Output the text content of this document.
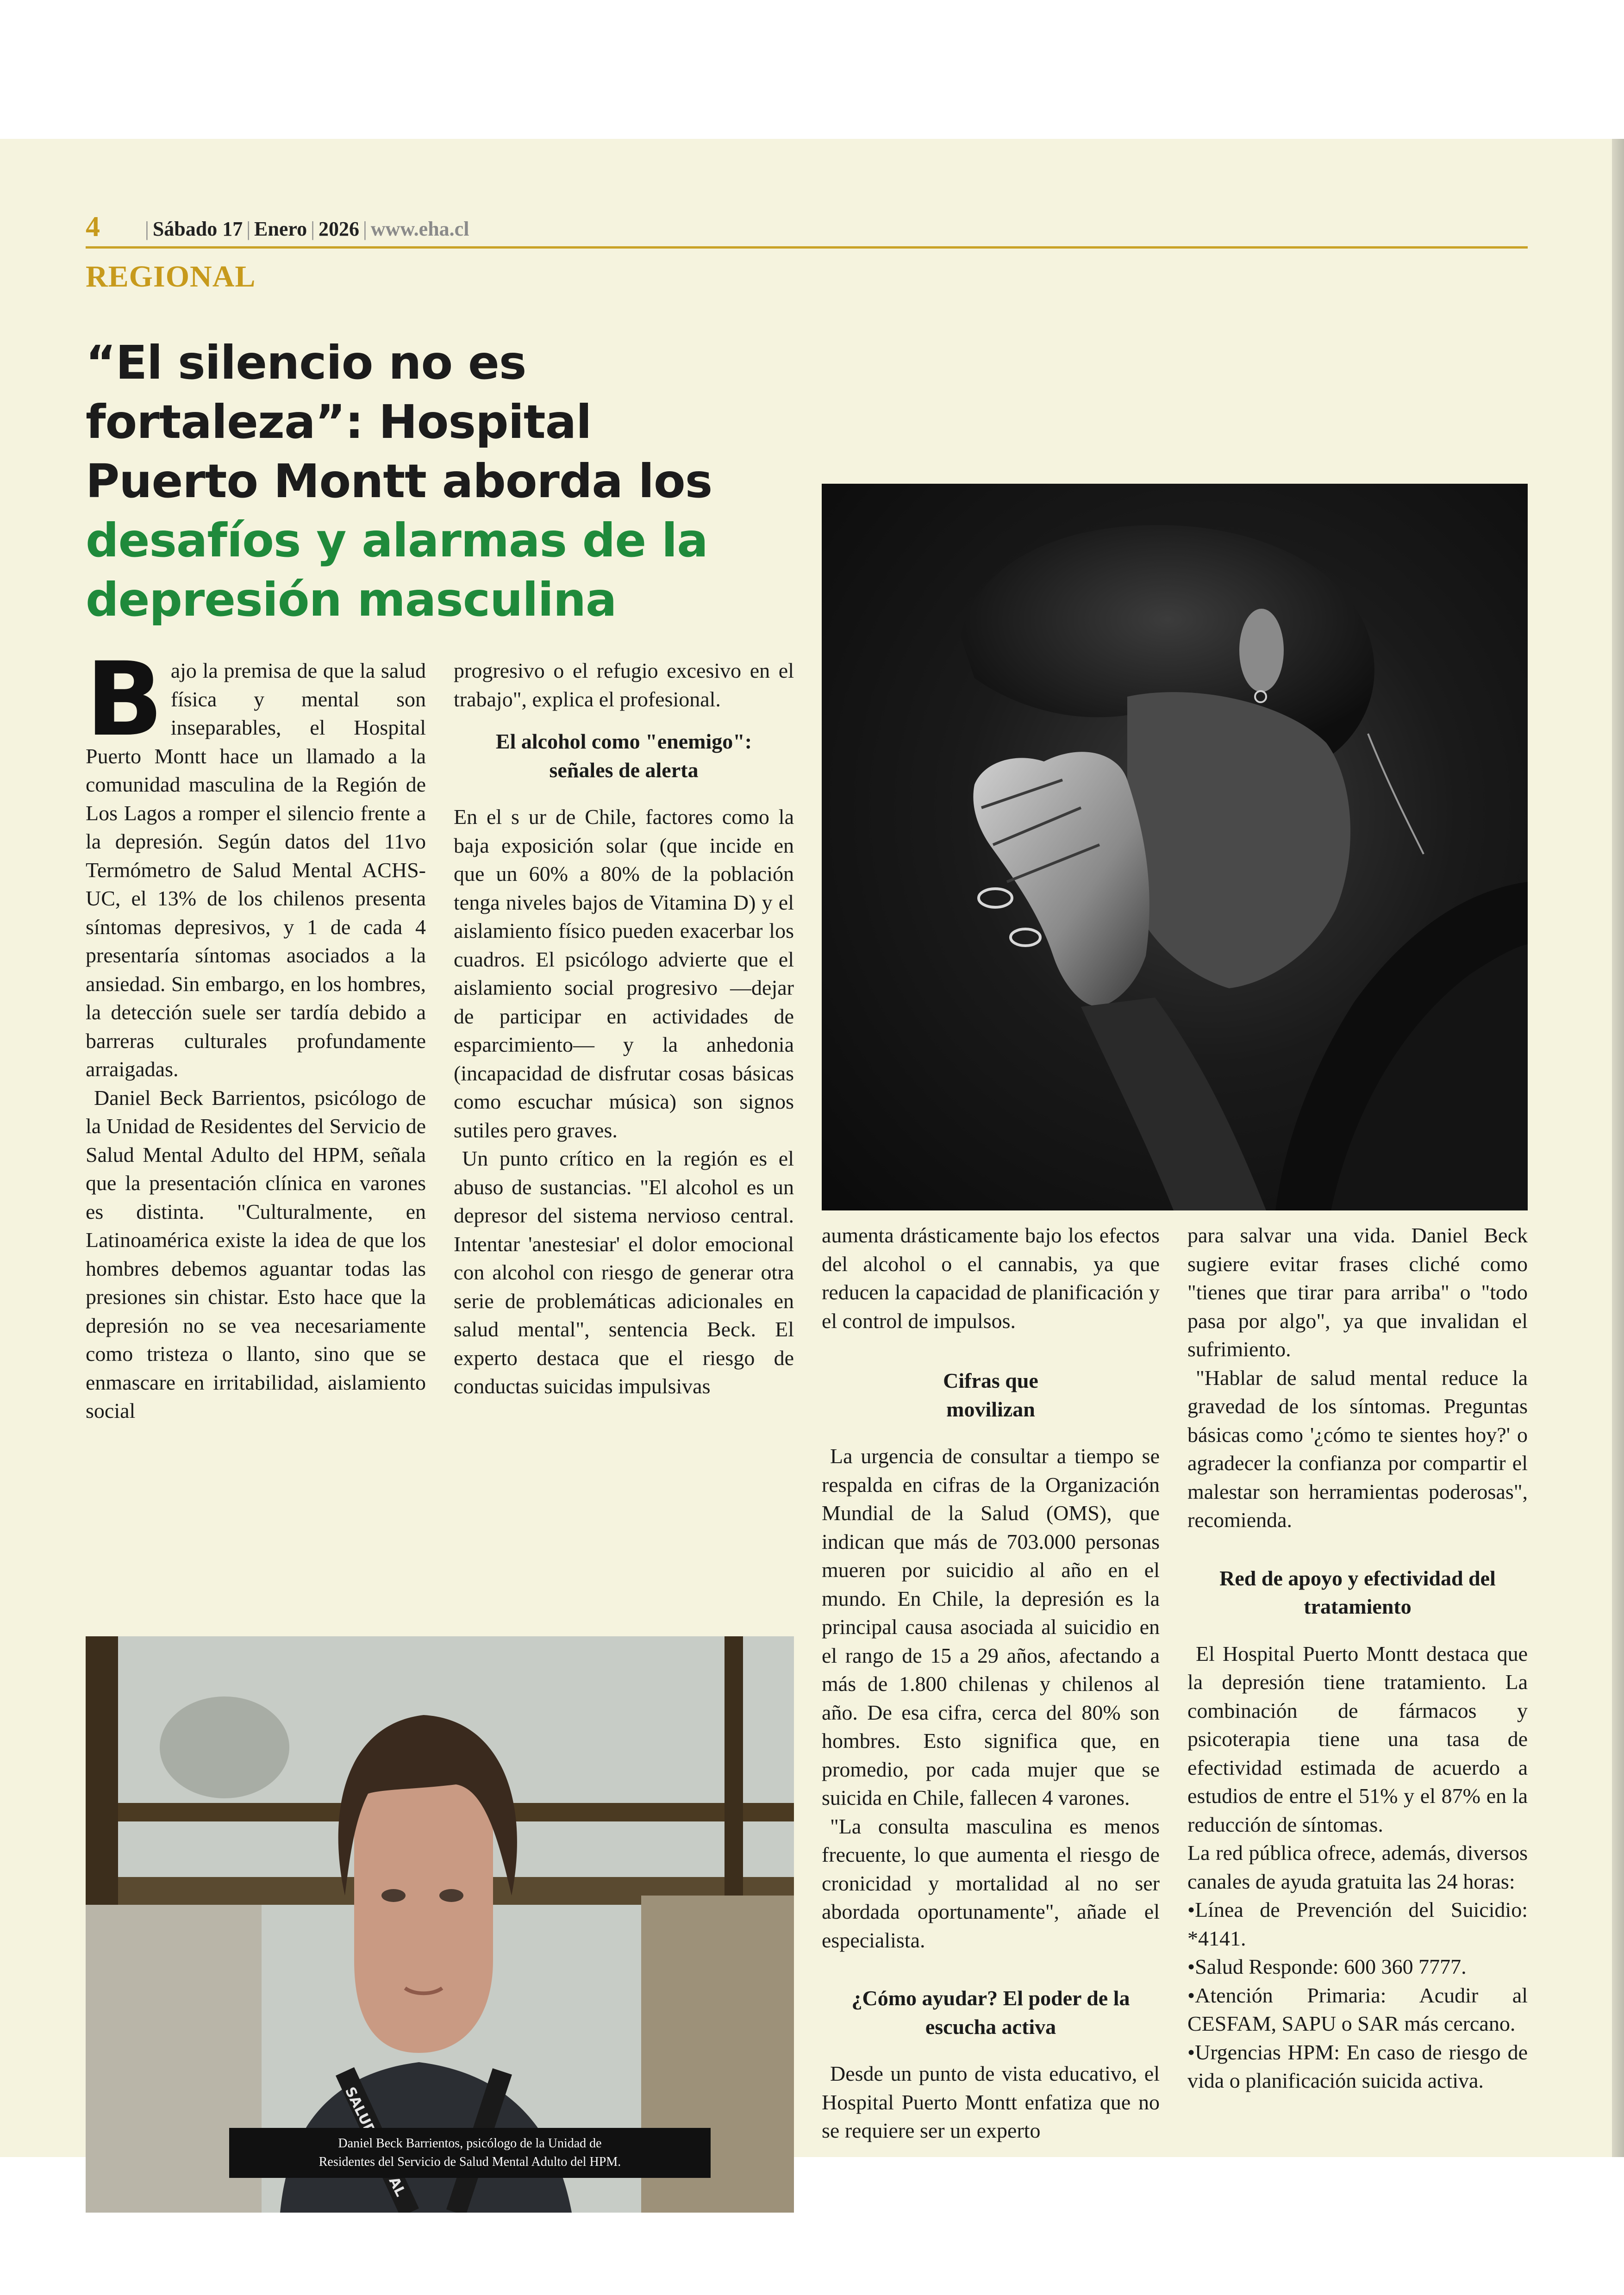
4	| Sábado 17 | Enero | 2026 | www.eha.cl
REGIONAL
“El silencio no es
fortaleza”: Hospital
Puerto Montt aborda los
desafíos y alarmas de la
depresión masculina
B ajo la premisa de que la salud física y mental son inseparables, el Hospital Puerto Montt hace un llamado a la comunidad masculina de la Región de Los Lagos a romper el silencio frente a la depresión. Según datos del 11vo Termómetro de Salud Mental ACHS-UC, el 13% de los chilenos presenta síntomas depresivos, y 1 de cada 4 presentaría síntomas asociados a la ansiedad. Sin embargo, en los hombres, la detección suele ser tardía debido a barreras culturales profundamente arraigadas.

Daniel Beck Barrientos, psicólogo de la Unidad de Residentes del Servicio de Salud Mental Adulto del HPM, señala que la presentación clínica en varones es distinta. "Culturalmente, en Latinoamérica existe la idea de que los hombres debemos aguantar todas las presiones sin chistar. Esto hace que la depresión no se vea necesariamente como tristeza o llanto, sino que se enmascare en irritabilidad, aislamiento social

progresivo o el refugio excesivo en el trabajo", explica el profesional.

El alcohol como "enemigo": señales de alerta

En el s ur de Chile, factores como la baja exposición solar (que incide en que un 60% a 80% de la población tenga niveles bajos de Vitamina D) y el aislamiento físico pueden exacerbar los cuadros. El psicólogo advierte que el aislamiento social progresivo —dejar de participar en actividades de esparcimiento— y la anhedonia (incapacidad de disfrutar cosas básicas como escuchar música) son signos sutiles pero graves.

Un punto crítico en la región es el abuso de sustancias. "El alcohol es un depresor del sistema nervioso central. Intentar 'anestesiar' el dolor emocional con alcohol con riesgo de generar otra serie de problemáticas adicionales en salud mental", sentencia Beck. El experto destaca que el riesgo de conductas suicidas impulsivas

aumenta drásticamente bajo los efectos del alcohol o el cannabis, ya que reducen la capacidad de planificación y el control de impulsos.

Cifras que
movilizan

La urgencia de consultar a tiempo se respalda en cifras de la Organización Mundial de la Salud (OMS), que indican que más de 703.000 personas mueren por suicidio al año en el mundo. En Chile, la depresión es la principal causa asociada al suicidio en el rango de 15 a 29 años, afectando a más de 1.800 chilenas y chilenos al año. De esa cifra, cerca del 80% son hombres. Esto significa que, en promedio, por cada mujer que se suicida en Chile, fallecen 4 varones.

"La consulta masculina es menos frecuente, lo que aumenta el riesgo de cronicidad y mortalidad al no ser abordada oportunamente", añade el especialista.

¿Cómo ayudar? El poder de la escucha activa

Desde un punto de vista educativo, el Hospital Puerto Montt enfatiza que no se requiere ser un experto

para salvar una vida. Daniel Beck sugiere evitar frases cliché como "tienes que tirar para arriba" o "todo pasa por algo", ya que invalidan el sufrimiento.

"Hablar de salud mental reduce la gravedad de los síntomas. Preguntas básicas como '¿cómo te sientes hoy?' o agradecer la confianza por compartir el malestar son herramientas poderosas", recomienda.

Red de apoyo y efectividad del tratamiento

El Hospital Puerto Montt destaca que la depresión tiene tratamiento. La combinación de fármacos y psicoterapia tiene una tasa de efectividad estimada de acuerdo a estudios de entre el 51% y el 87% en la reducción de síntomas.

La red pública ofrece, además, diversos canales de ayuda gratuita las 24 horas:

•Línea de Prevención del Suicidio: *4141.

•Salud Responde: 600 360 7777.

•Atención Primaria: Acudir al CESFAM, SAPU o SAR más cercano.

•Urgencias HPM: En caso de riesgo de vida o planificación suicida activa.

Daniel Beck Barrientos, psicólogo de la Unidad de
Residentes del Servicio de Salud Mental Adulto del HPM.
